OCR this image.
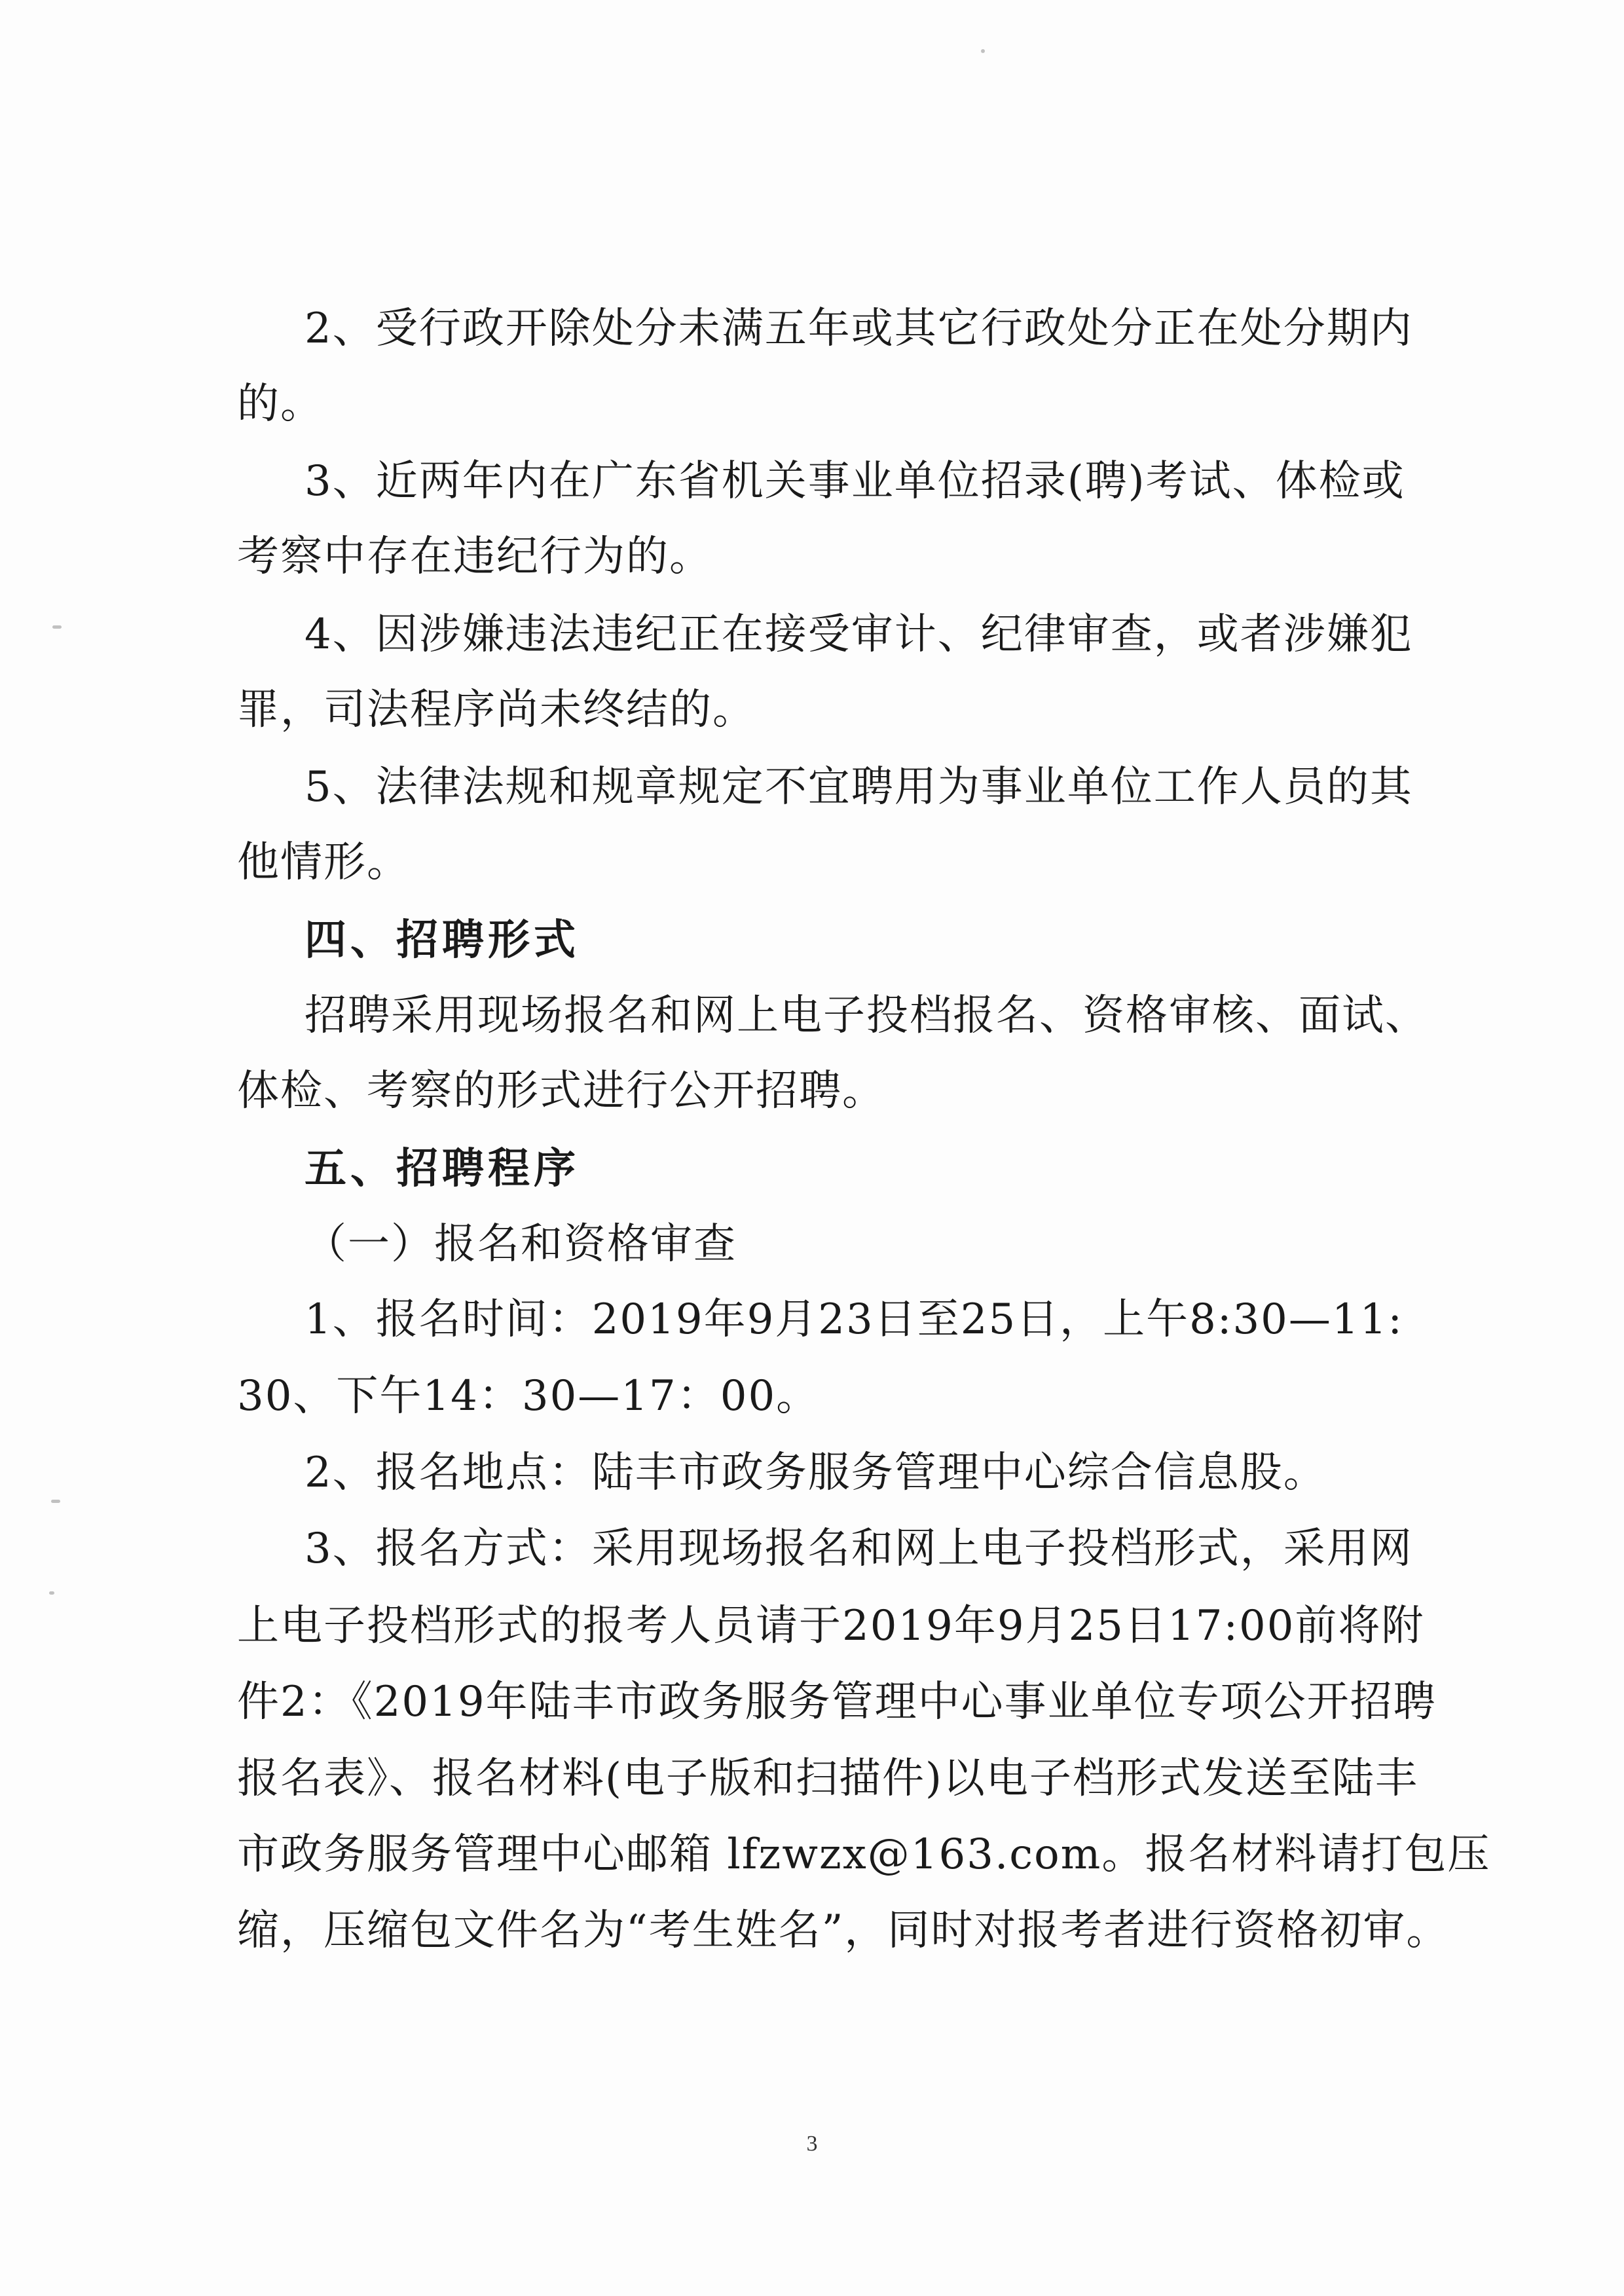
2、受行政开除处分未满五年或其它行政处分正在处分期内
的。
3、近两年内在广东省机关事业单位招录(聘)考试、体检或
考察中存在违纪行为的。
4、因涉嫌违法违纪正在接受审计、纪律审查，或者涉嫌犯
罪，司法程序尚未终结的。
5、法律法规和规章规定不宜聘用为事业单位工作人员的其
他情形。
四、招聘形式
招聘采用现场报名和网上电子投档报名、资格审核、面试、
体检、考察的形式进行公开招聘。
五、招聘程序
（一）报名和资格审查
1、报名时间：2019年9月23日至25日，上午8:30—11:
30、下午14：30—17：00。
2、报名地点：陆丰市政务服务管理中心综合信息股。
3、报名方式：采用现场报名和网上电子投档形式，采用网
上电子投档形式的报考人员请于2019年9月25日17:00前将附
件2：《2019年陆丰市政务服务管理中心事业单位专项公开招聘
报名表》、报名材料(电子版和扫描件)以电子档形式发送至陆丰
市政务服务管理中心邮箱 lfzwzx@163.com。报名材料请打包压
缩，压缩包文件名为“考生姓名”，同时对报考者进行资格初审。
3
